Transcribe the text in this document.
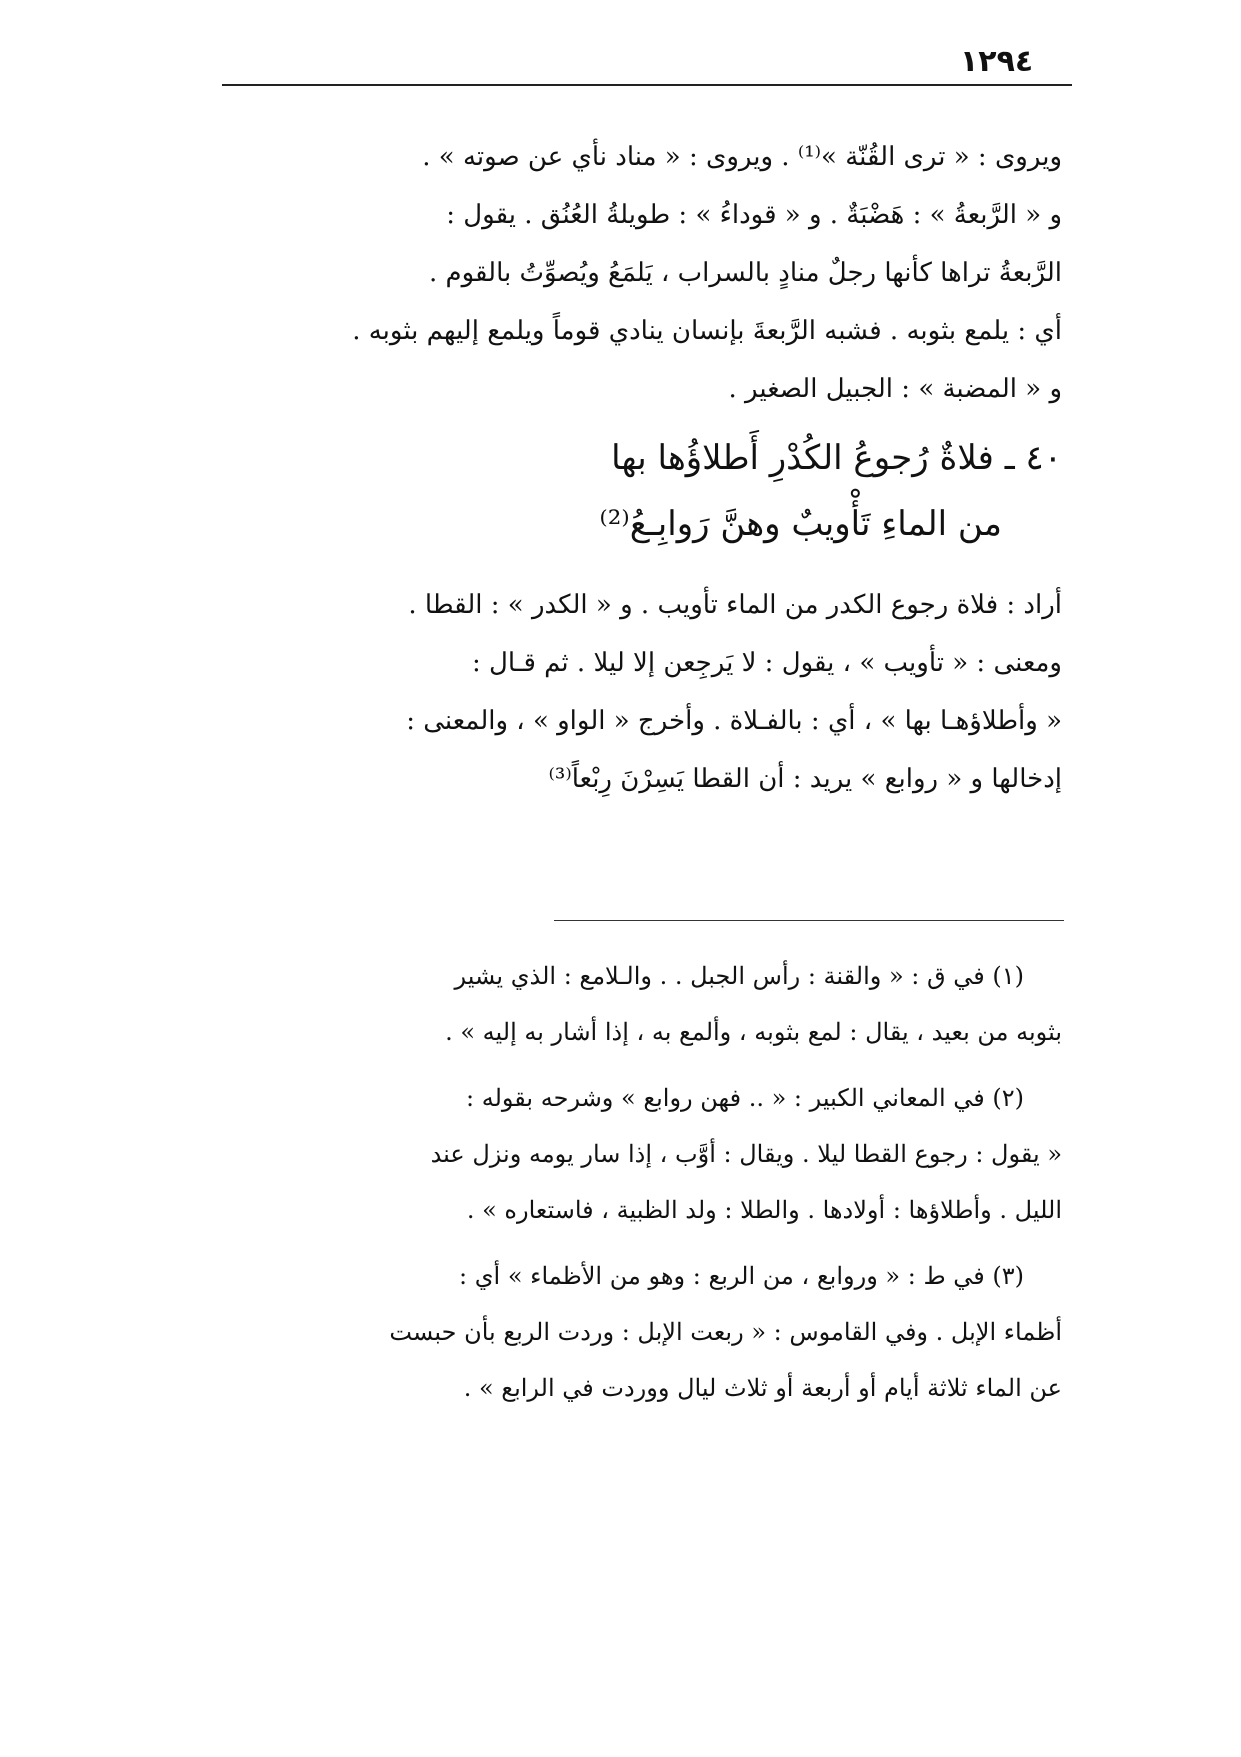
١٢٩٤
ويروى : « ترى القُنّة »⁽¹⁾ . ويروى : « مناد نأي عن صوته » .
و « الرَّبعةُ » : هَضْبَةٌ . و « قوداءُ » : طويلةُ العُنُق . يقول :
الرَّبعةُ تراها كأنها رجلٌ منادٍ بالسراب ، يَلمَعُ ويُصوِّتُ بالقوم .
أي : يلمع بثوبه . فشبه الرَّبعةَ بإنسان ينادي قوماً ويلمع إليهم بثوبه .
و « المضبة » : الجبيل الصغير .
٤٠ ـ فلاةٌ رُجوعُ الكُدْرِ أَطلاؤُها بها
من الماءِ تَأْويبٌ وهنَّ رَوابِـعُ⁽²⁾
أراد : فلاة رجوع الكدر من الماء تأويب . و « الكدر » : القطا .
ومعنى : « تأويب » ، يقول : لا يَرجِعن إلا ليلا . ثم قـال :
« وأطلاؤهـا بها » ، أي : بالفـلاة . وأخرج « الواو » ، والمعنى :
إدخالها و « روابع » يريد : أن القطا يَسِرْنَ رِبْعاً⁽³⁾
(١) في ق : « والقنة : رأس الجبل . . والـلامع : الذي يشير
بثوبه من بعيد ، يقال : لمع بثوبه ، وألمع به ، إذا أشار به إليه » .
(٢) في المعاني الكبير : « .. فهن روابع » وشرحه بقوله :
« يقول : رجوع القطا ليلا . ويقال : أوَّب ، إذا سار يومه ونزل عند
الليل . وأطلاؤها : أولادها . والطلا : ولد الظبية ، فاستعاره » .
(٣) في ط : « وروابع ، من الربع : وهو من الأظماء » أي :
أظماء الإبل . وفي القاموس : « ربعت الإبل : وردت الربع بأن حبست
عن الماء ثلاثة أيام أو أربعة أو ثلاث ليال ووردت في الرابع » .
